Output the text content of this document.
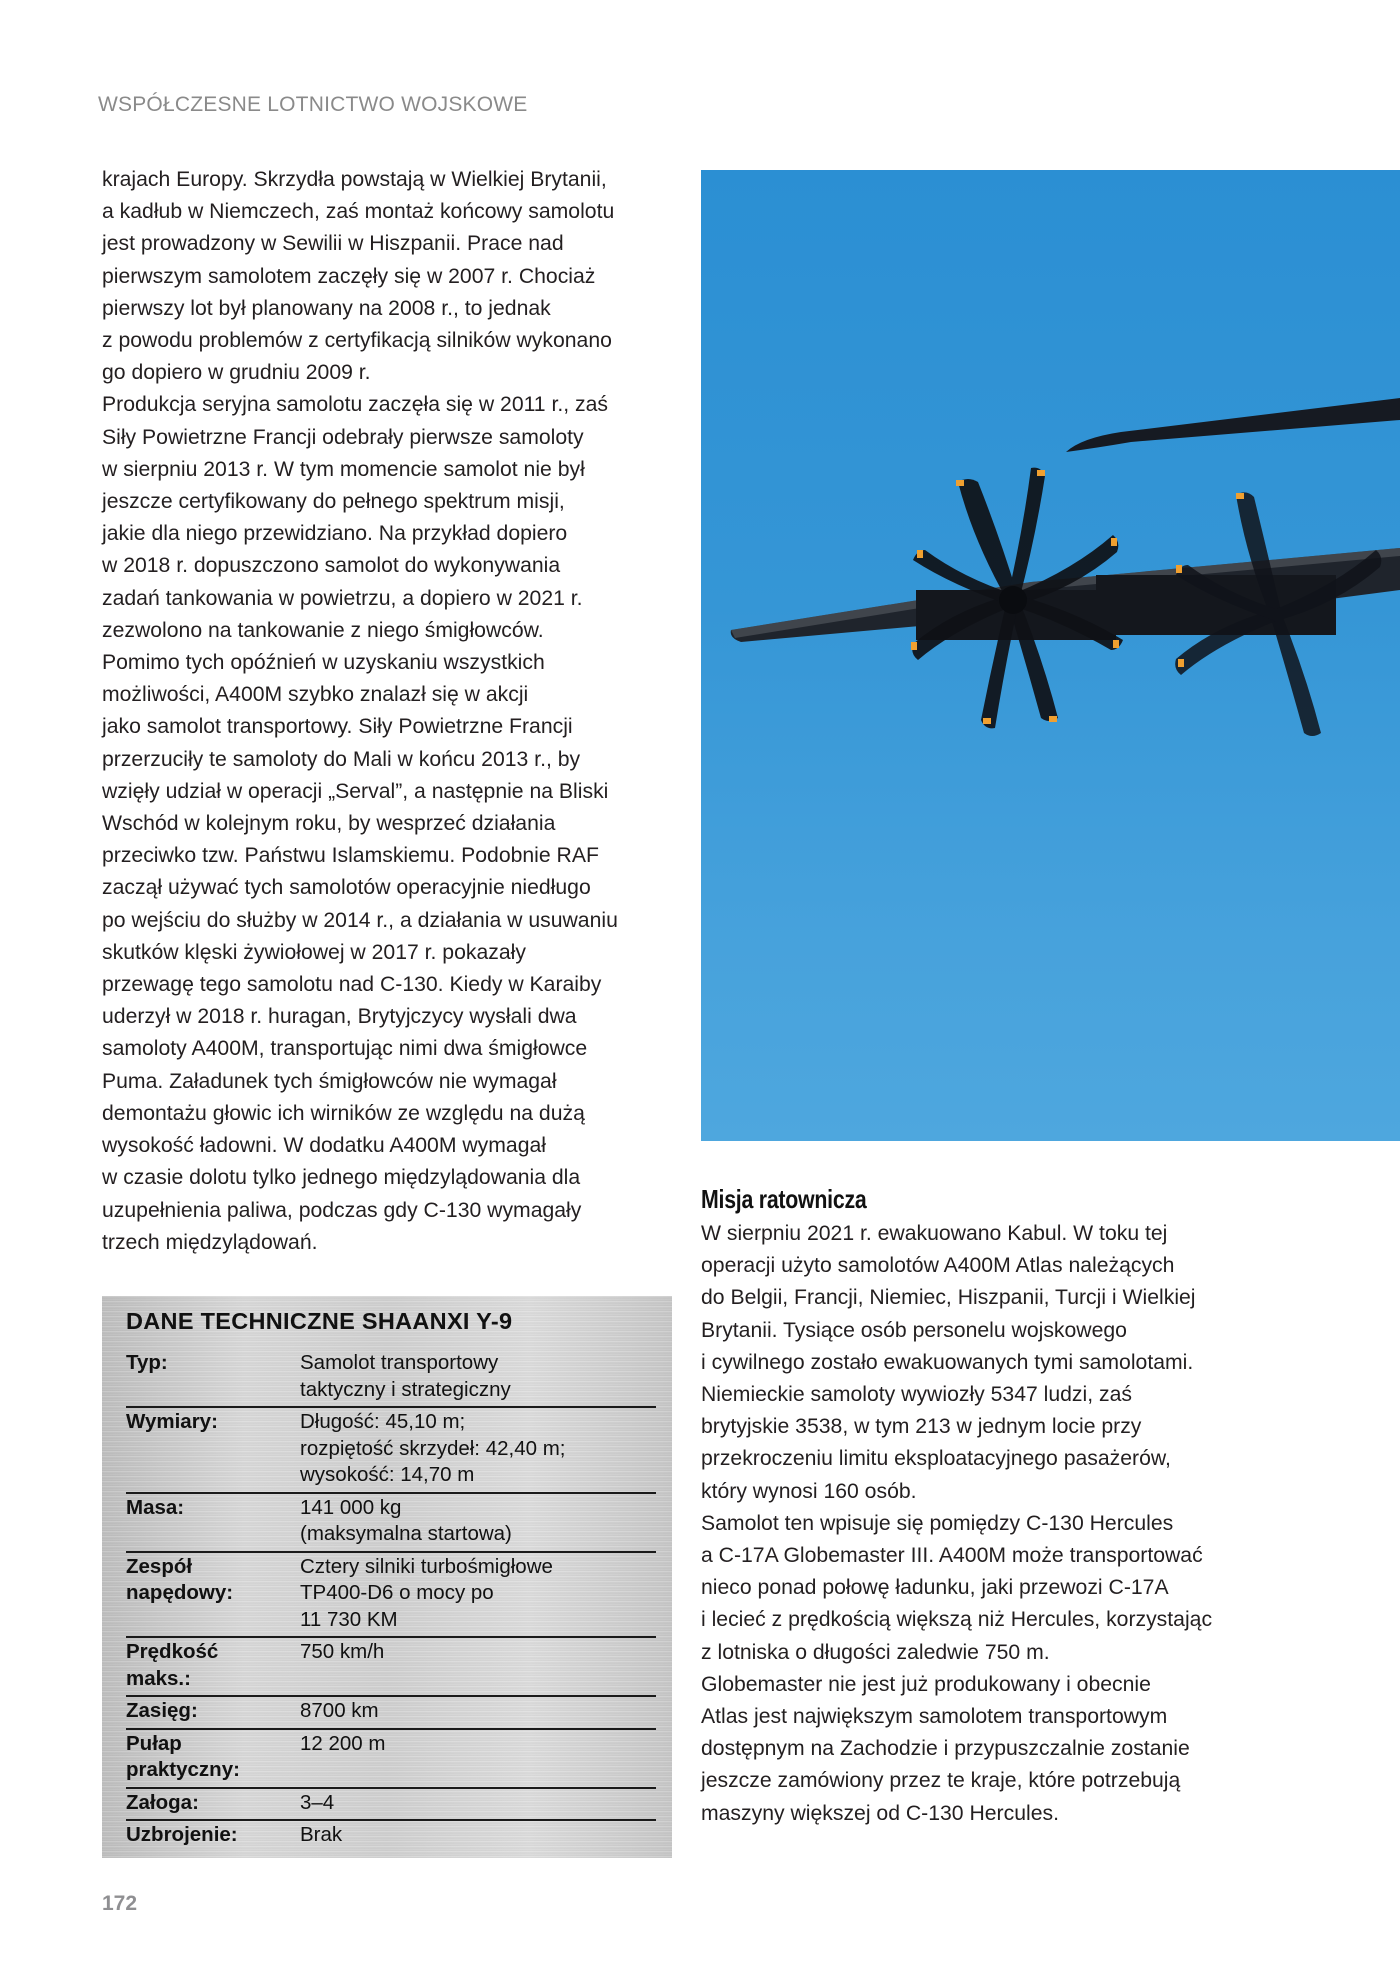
WSPÓŁCZESNE LOTNICTWO WOJSKOWE

krajach Europy. Skrzydła powstają w Wielkiej Brytanii,
a kadłub w Niemczech, zaś montaż końcowy samolotu
jest prowadzony w Sewilii w Hiszpanii. Prace nad
pierwszym samolotem zaczęły się w 2007 r. Chociaż
pierwszy lot był planowany na 2008 r., to jednak
z powodu problemów z certyfikacją silników wykonano
go dopiero w grudniu 2009 r.

Produkcja seryjna samolotu zaczęła się w 2011 r., zaś
Siły Powietrzne Francji odebrały pierwsze samoloty
w sierpniu 2013 r. W tym momencie samolot nie był
jeszcze certyfikowany do pełnego spektrum misji,
jakie dla niego przewidziano. Na przykład dopiero
w 2018 r. dopuszczono samolot do wykonywania
zadań tankowania w powietrzu, a dopiero w 2021 r.
zezwolono na tankowanie z niego śmigłowców.

Pomimo tych opóźnień w uzyskaniu wszystkich
możliwości, A400M szybko znalazł się w akcji
jako samolot transportowy. Siły Powietrzne Francji
przerzuciły te samoloty do Mali w końcu 2013 r., by
wzięły udział w operacji „Serval”, a następnie na Bliski
Wschód w kolejnym roku, by wesprzeć działania
przeciwko tzw. Państwu Islamskiemu. Podobnie RAF
zaczął używać tych samolotów operacyjnie niedługo
po wejściu do służby w 2014 r., a działania w usuwaniu
skutków klęski żywiołowej w 2017 r. pokazały
przewagę tego samolotu nad C-130. Kiedy w Karaiby
uderzył w 2018 r. huragan, Brytyjczycy wysłali dwa
samoloty A400M, transportując nimi dwa śmigłowce
Puma. Załadunek tych śmigłowców nie wymagał
demontażu głowic ich wirników ze względu na dużą
wysokość ładowni. W dodatku A400M wymagał
w czasie dolotu tylko jednego międzylądowania dla
uzupełnienia paliwa, podczas gdy C-130 wymagały
trzech międzylądowań.

DANE TECHNICZNE SHAANXI Y-9
Typ:	Samolot transportowy
taktyczny i strategiczny

Wymiary:	Długość: 45,10 m;
rozpiętość skrzydeł: 42,40 m;
wysokość: 14,70 m

Masa:	141 000 kg
(maksymalna startowa)

Zespół
napędowy:	Cztery silniki turbośmigłowe
TP400-D6 o mocy po
11 730 KM

Prędkość
maks.:	750 km/h

Zasięg:	8700 km

Pułap
praktyczny:	12 200 m

Załoga:	3–4

Uzbrojenie:	Brak
Misja ratownicza

W sierpniu 2021 r. ewakuowano Kabul. W toku tej
operacji użyto samolotów A400M Atlas należących
do Belgii, Francji, Niemiec, Hiszpanii, Turcji i Wielkiej
Brytanii. Tysiące osób personelu wojskowego
i cywilnego zostało ewakuowanych tymi samolotami.
Niemieckie samoloty wywiozły 5347 ludzi, zaś
brytyjskie 3538, w tym 213 w jednym locie przy
przekroczeniu limitu eksploatacyjnego pasażerów,
który wynosi 160 osób.

Samolot ten wpisuje się pomiędzy C-130 Hercules
a C-17A Globemaster III. A400M może transportować
nieco ponad połowę ładunku, jaki przewozi C-17A
i lecieć z prędkością większą niż Hercules, korzystając
z lotniska o długości zaledwie 750 m.
Globemaster nie jest już produkowany i obecnie
Atlas jest największym samolotem transportowym
dostępnym na Zachodzie i przypuszczalnie zostanie
jeszcze zamówiony przez te kraje, które potrzebują
maszyny większej od C-130 Hercules.

172
